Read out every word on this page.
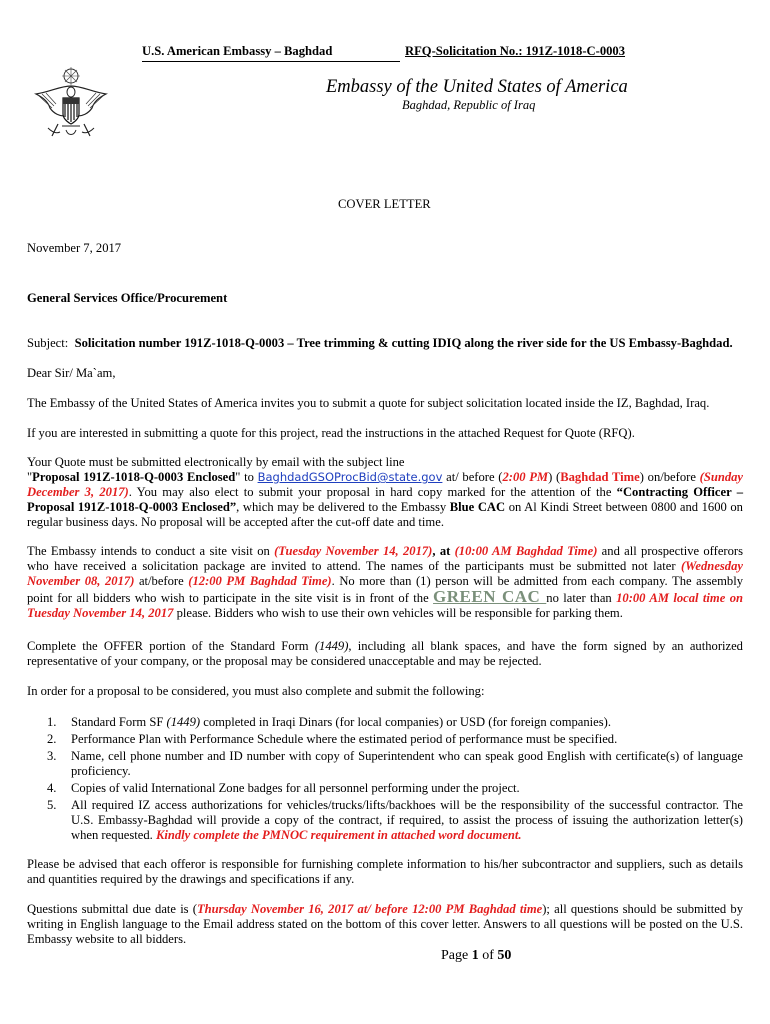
U.S. American Embassy – Baghdad	RFQ-Solicitation No.: 191Z-1018-C-0003
Embassy of the United States of America
Baghdad, Republic of Iraq
COVER LETTER
November 7, 2017
General Services Office/Procurement
Subject: Solicitation number 191Z-1018-Q-0003 – Tree trimming & cutting IDIQ along the river side for the US Embassy-Baghdad.
Dear Sir/ Ma`am,
The Embassy of the United States of America invites you to submit a quote for subject solicitation located inside the IZ, Baghdad, Iraq.
If you are interested in submitting a quote for this project, read the instructions in the attached Request for Quote (RFQ).
Your Quote must be submitted electronically by email with the subject line
"Proposal 191Z-1018-Q-0003 Enclosed" to BaghdadGSOProcBid@state.gov at/ before (2:00 PM) (Baghdad Time) on/before (Sunday December 3, 2017). You may also elect to submit your proposal in hard copy marked for the attention of the “Contracting Officer – Proposal 191Z-1018-Q-0003 Enclosed”, which may be delivered to the Embassy Blue CAC on Al Kindi Street between 0800 and 1600 on regular business days. No proposal will be accepted after the cut-off date and time.
The Embassy intends to conduct a site visit on (Tuesday November 14, 2017), at (10:00 AM Baghdad Time) and all prospective offerors who have received a solicitation package are invited to attend. The names of the participants must be submitted not later (Wednesday November 08, 2017) at/before (12:00 PM Baghdad Time). No more than (1) person will be admitted from each company. The assembly point for all bidders who wish to participate in the site visit is in front of the GREEN CAC no later than 10:00 AM local time on Tuesday November 14, 2017 please. Bidders who wish to use their own vehicles will be responsible for parking them.
Complete the OFFER portion of the Standard Form (1449), including all blank spaces, and have the form signed by an authorized representative of your company, or the proposal may be considered unacceptable and may be rejected.
In order for a proposal to be considered, you must also complete and submit the following:
1. Standard Form SF (1449) completed in Iraqi Dinars (for local companies) or USD (for foreign companies).
2. Performance Plan with Performance Schedule where the estimated period of performance must be specified.
3. Name, cell phone number and ID number with copy of Superintendent who can speak good English with certificate(s) of language proficiency.
4. Copies of valid International Zone badges for all personnel performing under the project.
5. All required IZ access authorizations for vehicles/trucks/lifts/backhoes will be the responsibility of the successful contractor. The U.S. Embassy-Baghdad will provide a copy of the contract, if required, to assist the process of issuing the authorization letter(s) when requested. Kindly complete the PMNOC requirement in attached word document.
Please be advised that each offeror is responsible for furnishing complete information to his/her subcontractor and suppliers, such as details and quantities required by the drawings and specifications if any.
Questions submittal due date is (Thursday November 16, 2017 at/ before 12:00 PM Baghdad time); all questions should be submitted by writing in English language to the Email address stated on the bottom of this cover letter. Answers to all questions will be posted on the U.S. Embassy website to all bidders.
Page 1 of 50
